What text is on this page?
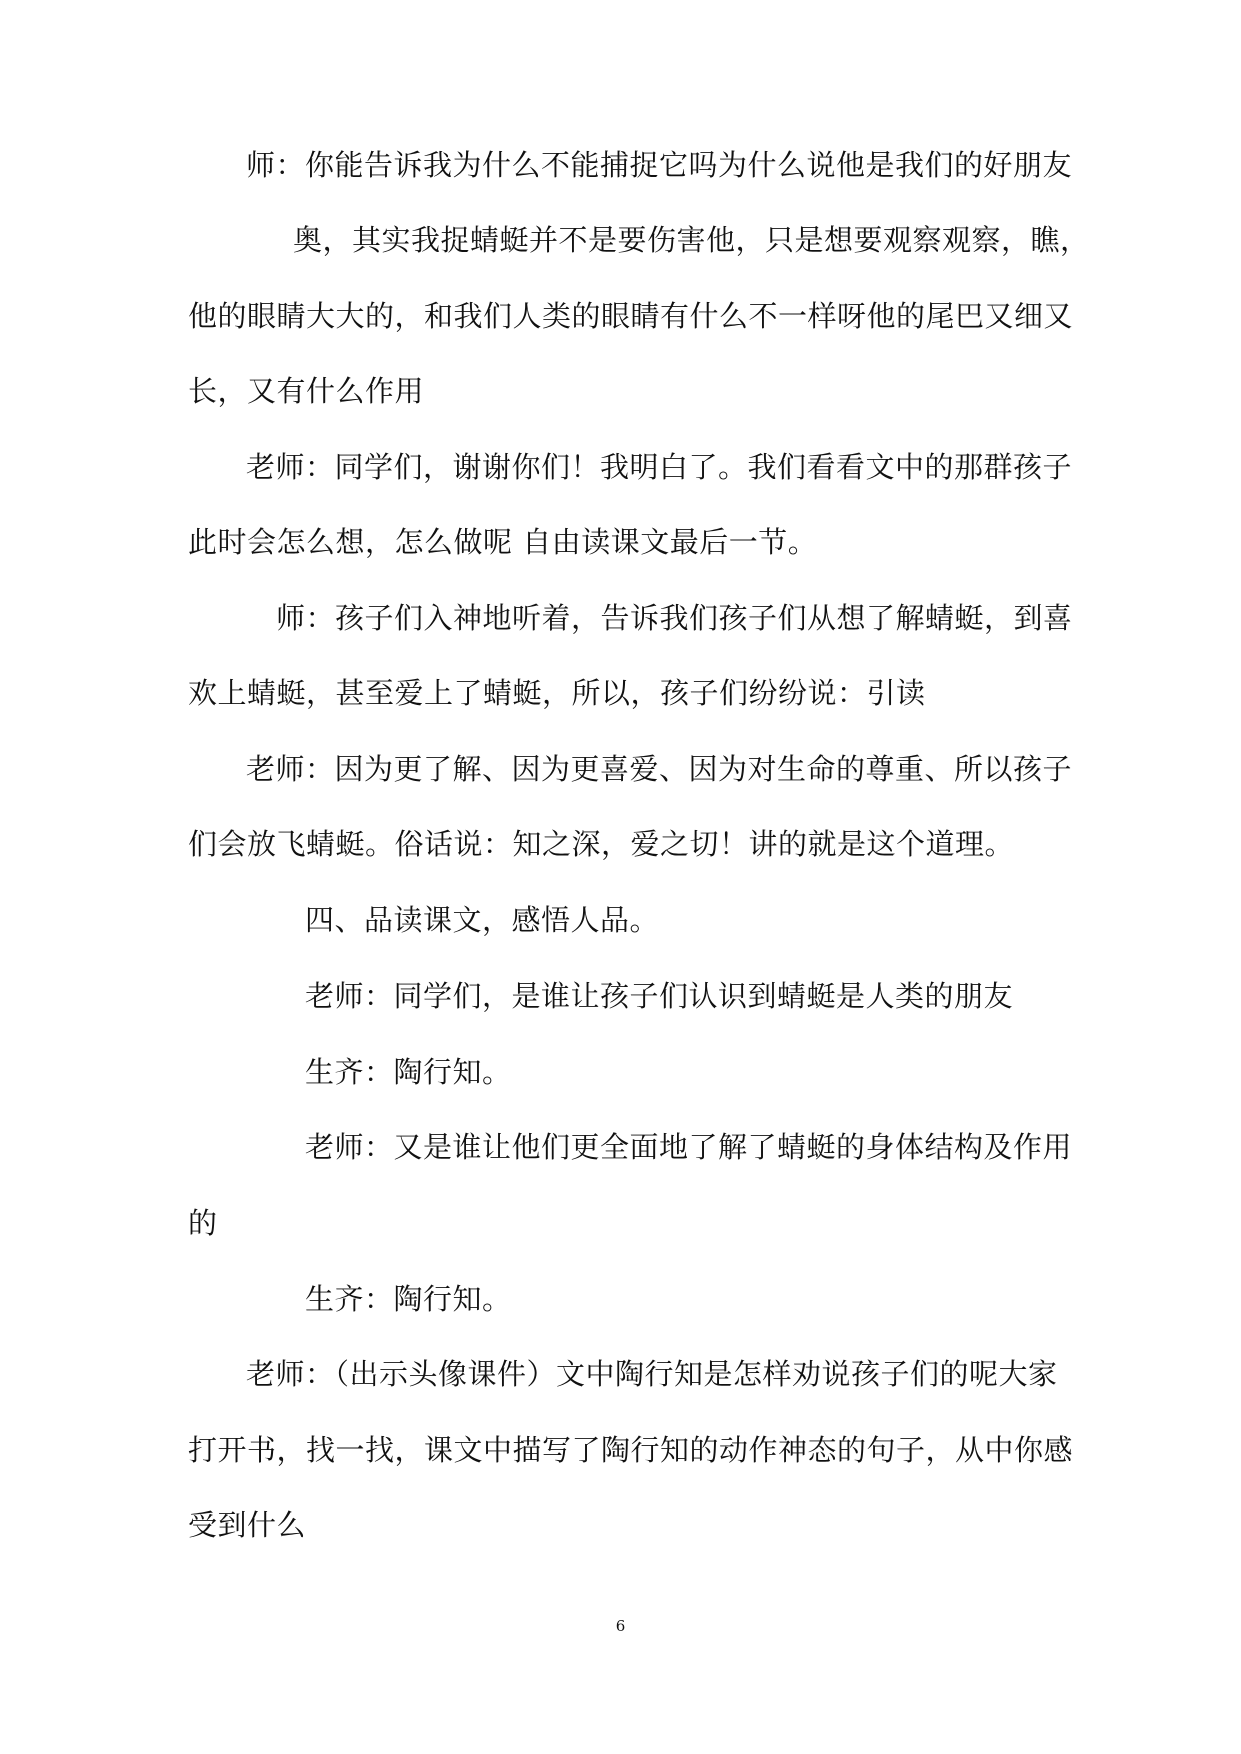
师：你能告诉我为什么不能捕捉它吗为什么说他是我们的好朋友
奥，其实我捉蜻蜓并不是要伤害他，只是想要观察观察，瞧，
他的眼睛大大的，和我们人类的眼睛有什么不一样呀他的尾巴又细又
长，又有什么作用
老师：同学们，谢谢你们！我明白了。我们看看文中的那群孩子
此时会怎么想，怎么做呢 自由读课文最后一节。
师：孩子们入神地听着，告诉我们孩子们从想了解蜻蜓，到喜
欢上蜻蜓，甚至爱上了蜻蜓，所以，孩子们纷纷说：引读
老师：因为更了解、因为更喜爱、因为对生命的尊重、所以孩子
们会放飞蜻蜓。俗话说：知之深，爱之切！讲的就是这个道理。
四、品读课文，感悟人品。
老师：同学们，是谁让孩子们认识到蜻蜓是人类的朋友
生齐：陶行知。
老师：又是谁让他们更全面地了解了蜻蜓的身体结构及作用
的
生齐：陶行知。
老师：（出示头像课件）文中陶行知是怎样劝说孩子们的呢大家
打开书，找一找，课文中描写了陶行知的动作神态的句子，从中你感
受到什么
6
